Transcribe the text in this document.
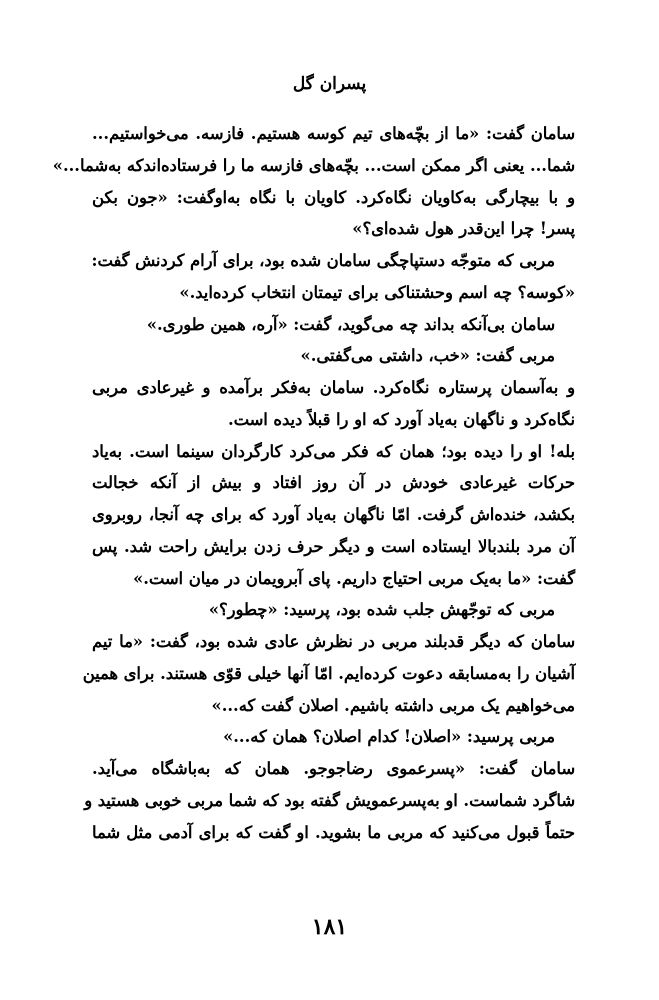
پسران گل
سامان گفت: «ما از بچّه‌های تیم کوسه هستیم. فازسه. می‌خواستیم...
شما... یعنی اگر ممکن است... بچّه‌های فازسه ما را فرستاده‌اندکه به‌شما...»
و با بیچارگی به‌کاویان نگاه‌کرد. کاویان با نگاه به‌اوگفت: «جون بکن
پسر! چرا این‌قدر هول شده‌ای؟»
مربی که متوجّه دستپاچگی سامان شده بود، برای آرام کردنش گفت:
«کوسه؟ چه اسم وحشتناکی برای تیمتان انتخاب کرده‌اید.»
سامان بی‌آنکه بداند چه می‌گوید، گفت: «آره، همین طوری.»
مربی گفت: «خب، داشتی می‌گفتی.»
و به‌آسمان پرستاره نگاه‌کرد. سامان به‌فکر برآمده و غیرعادی مربی
نگاه‌کرد و ناگهان به‌یاد آورد که او را قبلاً دیده است.
بله! او را دیده بود؛ همان که فکر می‌کرد کارگردان سینما است. به‌یاد
حرکات غیرعادی خودش در آن روز افتاد و بیش از آنکه خجالت
بکشد، خنده‌اش گرفت. امّا ناگهان به‌یاد آورد که برای چه آنجا، روبروی
آن مرد بلندبالا ایستاده است و دیگر حرف زدن برایش راحت شد. پس
گفت: «ما به‌یک مربی احتیاج داریم. پای آبرویمان در میان است.»
مربی که توجّهش جلب شده بود، پرسید: «چطور؟»
سامان که دیگر قدبلند مربی در نظرش عادی شده بود، گفت: «ما تیم
آشیان را به‌مسابقه دعوت کرده‌ایم. امّا آنها خیلی قوّی هستند. برای همین
می‌خواهیم یک مربی داشته باشیم. اصلان گفت که...»
مربی پرسید: «اصلان! کدام اصلان؟ همان که...»
سامان گفت: «پسرعموی رضاجوجو. همان که به‌باشگاه می‌آید.
شاگرد شماست. او به‌پسرعمویش گفته بود که شما مربی خوبی هستید و
حتماً قبول می‌کنید که مربی ما بشوید. او گفت که برای آدمی مثل شما
۱۸۱
